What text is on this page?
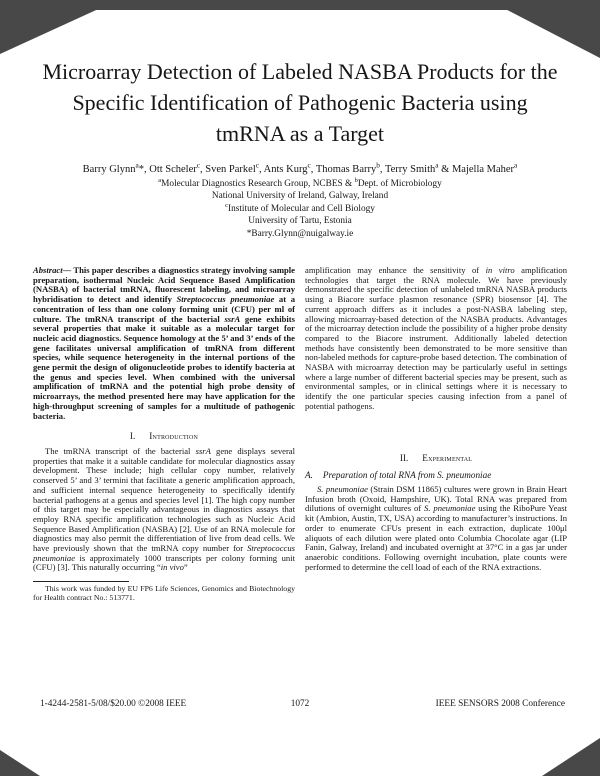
Microarray Detection of Labeled NASBA Products for the Specific Identification of Pathogenic Bacteria using tmRNA as a Target
Barry Glynn$^a$*, Ott Scheler$^c$, Sven Parkel$^c$, Ants Kurg$^c$, Thomas Barry$^b$, Terry Smith$^a$ & Majella Maher$^a$
$^a$Molecular Diagnostics Research Group, NCBES & $^b$Dept. of Microbiology
National University of Ireland, Galway, Ireland
$^c$Institute of Molecular and Cell Biology
University of Tartu, Estonia
*Barry.Glynn@nuigalway.ie

Abstract— This paper describes a diagnostics strategy involving sample preparation, isothermal Nucleic Acid Sequence Based Amplification (NASBA) of bacterial tmRNA, fluorescent labeling, and microarray hybridisation to detect and identify Streptococcus pneumoniae at a concentration of less than one colony forming unit (CFU) per ml of culture. The tmRNA transcript of the bacterial ssrA gene exhibits several properties that make it suitable as a molecular target for nucleic acid diagnostics. Sequence homology at the 5’ and 3’ ends of the gene facilitates universal amplification of tmRNA from different species, while sequence heterogeneity in the internal portions of the gene permit the design of oligonucleotide probes to identify bacteria at the genus and species level. When combined with the universal amplification of tmRNA and the potential high probe density of microarrays, the method presented here may have application for the high-throughput screening of samples for a multitude of pathogenic bacteria.

I. Introduction

The tmRNA transcript of the bacterial ssrA gene displays several properties that make it a suitable candidate for molecular diagnostics assay development. These include; high cellular copy number, relatively conserved 5’ and 3’ termini that facilitate a generic amplification approach, and sufficient internal sequence heterogeneity to specifically identify bacterial pathogens at a genus and species level [1]. The high copy number of this target may be especially advantageous in diagnostics assays that employ RNA specific amplification technologies such as Nucleic Acid Sequence Based Amplification (NASBA) [2]. Use of an RNA molecule for diagnostics may also permit the differentiation of live from dead cells. We have previously shown that the tmRNA copy number for Streptococcus pneumoniae is approximately 1000 transcripts per colony forming unit (CFU) [3]. This naturally occurring “in vivo”

This work was funded by EU FP6 Life Sciences, Genomics and Biotechnology for Health contract No.: 513771.

amplification may enhance the sensitivity of in vitro amplification technologies that target the RNA molecule. We have previously demonstrated the specific detection of unlabeled tmRNA NASBA products using a Biacore surface plasmon resonance (SPR) biosensor [4]. The current approach differs as it includes a post-NASBA labeling step, allowing microarray-based detection of the NASBA products. Advantages of the microarray detection include the possibility of a higher probe density compared to the Biacore instrument. Additionally labeled detection methods have consistently been demonstrated to be more sensitive than non-labeled methods for capture-probe based detection. The combination of NASBA with microarray detection may be particularly useful in settings where a large number of different bacterial species may be present, such as environmental samples, or in clinical settings where it is necessary to identify the one particular species causing infection from a panel of potential pathogens.

II. Experimental
A. Preparation of total RNA from S. pneumoniae

S. pneumoniae (Strain DSM 11865) cultures were grown in Brain Heart Infusion broth (Oxoid, Hampshire, UK). Total RNA was prepared from dilutions of overnight cultures of S. pneumoniae using the RiboPure Yeast kit (Ambion, Austin, TX, USA) according to manufacturer’s instructions. In order to enumerate CFUs present in each extraction, duplicate 100μl aliquots of each dilution were plated onto Columbia Chocolate agar (LIP Fanin, Galway, Ireland) and incubated overnight at 37°C in a gas jar under anaerobic conditions. Following overnight incubation, plate counts were performed to determine the cell load of each of the RNA extractions.

1-4244-2581-5/08/$20.00 ©2008 IEEE	1072	IEEE SENSORS 2008 Conference
